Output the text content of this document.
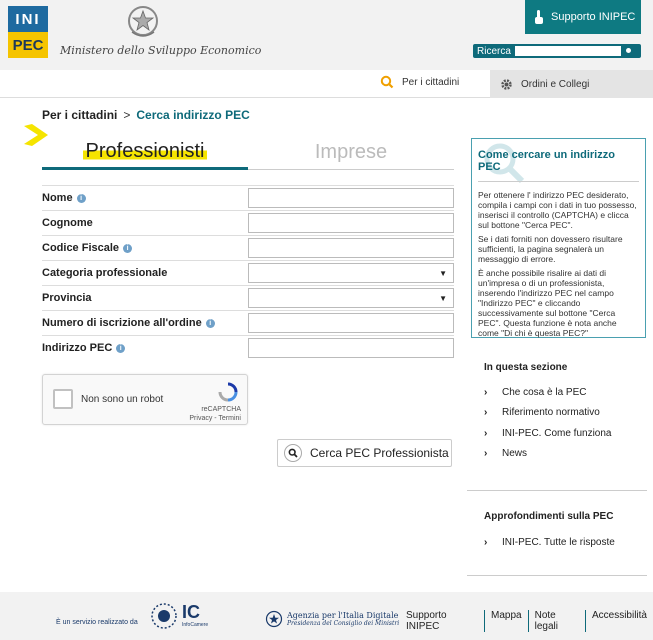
INI
PEC	Ministero dello Sviluppo Economico
Supporto INIPEC
Ricerca
Per i cittadini	Ordini e Collegi
Per i cittadini > Cerca indirizzo PEC
Professionisti	Imprese
Nome	i
Cognome
Codice Fiscale	i
Categoria professionale	▼
Provincia	▼
Numero di iscrizione all'ordine	i
Indirizzo PEC	i
Non sono un robot
reCAPTCHA
Privacy - Termini
Cerca PEC Professionista
Come cercare un indirizzo PEC

Per ottenere l' indirizzo PEC desiderato, compila i campi con i dati in tuo possesso, inserisci il controllo (CAPTCHA) e clicca sul bottone "Cerca PEC".

Se i dati forniti non dovessero risultare sufficienti, la pagina segnalerà un messaggio di errore.

È anche possibile risalire ai dati di un'impresa o di un professionista, inserendo l'indirizzo PEC nel campo "Indirizzo PEC" e cliccando successivamente sul bottone "Cerca PEC". Questa funzione è nota anche come "Di chi è questa PEC?"

In questa sezione
›	Che cosa è la PEC
›	Riferimento normativo
›	INI-PEC. Come funziona
›	News
Approfondimenti sulla PEC
›	INI-PEC. Tutte le risposte
È un servizio realizzato da
IC
InfoCamere
Agenzia per l'Italia Digitale
Presidenza del Consiglio dei Ministri
Supporto INIPEC
Mappa	Note legali
Accessibilità
